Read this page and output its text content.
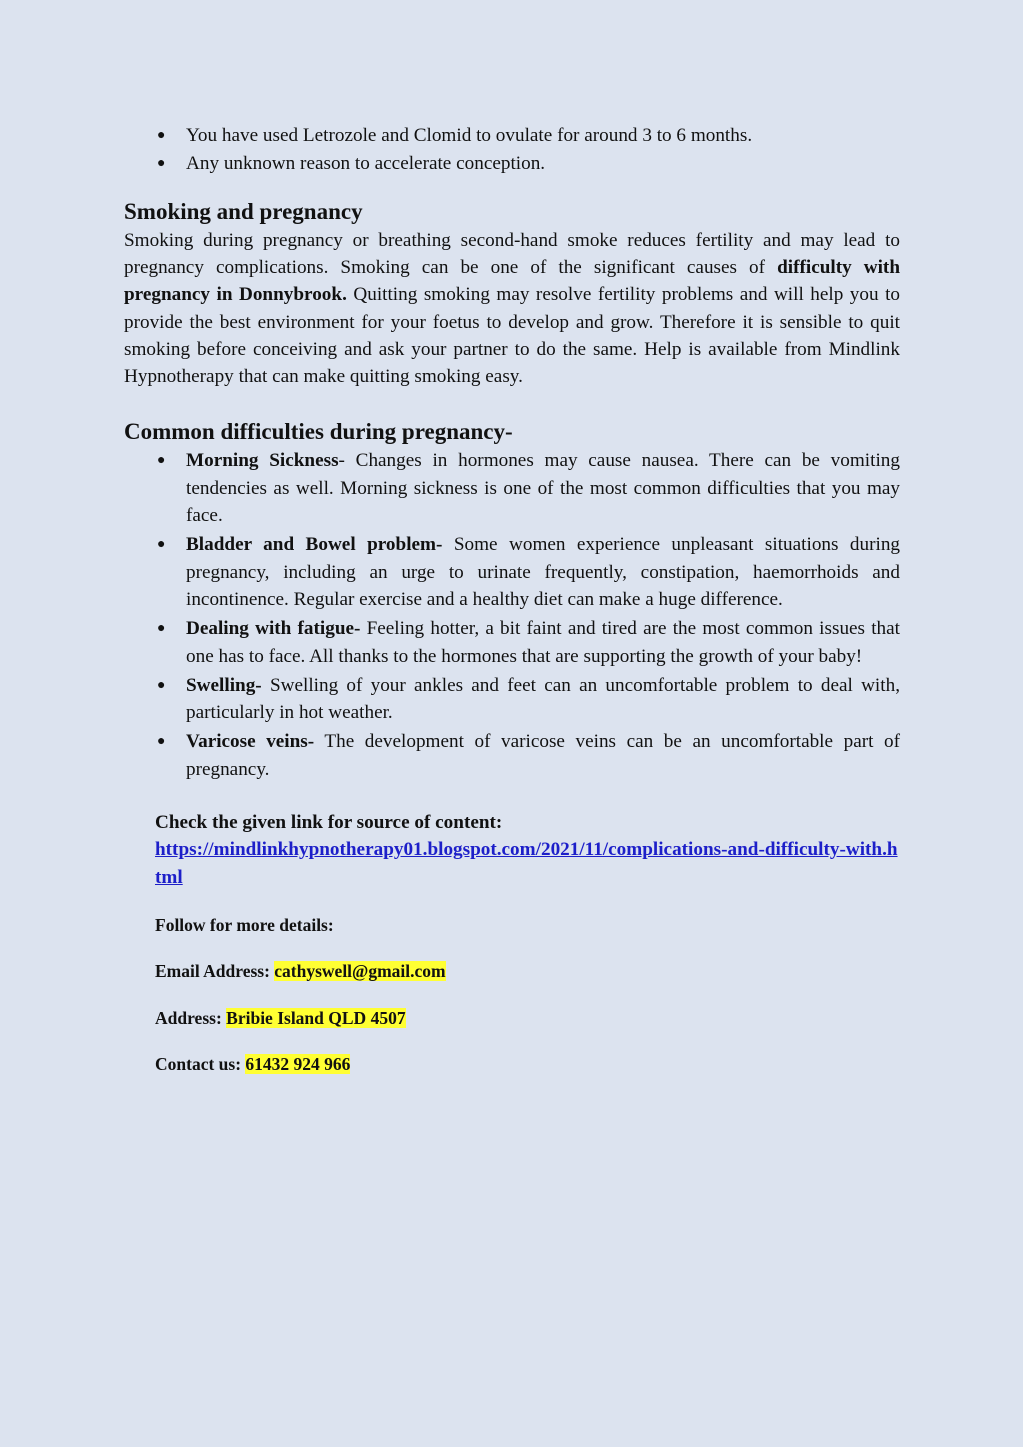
● You have used Letrozole and Clomid to ovulate for around 3 to 6 months.
● Any unknown reason to accelerate conception.
Smoking and pregnancy

Smoking during pregnancy or breathing second-hand smoke reduces fertility and may lead to pregnancy complications. Smoking can be one of the significant causes of difficulty with pregnancy in Donnybrook. Quitting smoking may resolve fertility problems and will help you to provide the best environment for your foetus to develop and grow. Therefore it is sensible to quit smoking before conceiving and ask your partner to do the same. Help is available from Mindlink Hypnotherapy that can make quitting smoking easy.

Common difficulties during pregnancy-
● Morning Sickness- Changes in hormones may cause nausea. There can be vomiting tendencies as well. Morning sickness is one of the most common difficulties that you may face.
● Bladder and Bowel problem- Some women experience unpleasant situations during pregnancy, including an urge to urinate frequently, constipation, haemorrhoids and incontinence. Regular exercise and a healthy diet can make a huge difference.
● Dealing with fatigue- Feeling hotter, a bit faint and tired are the most common issues that one has to face. All thanks to the hormones that are supporting the growth of your baby!
● Swelling- Swelling of your ankles and feet can an uncomfortable problem to deal with, particularly in hot weather.
● Varicose veins- The development of varicose veins can be an uncomfortable part of pregnancy.
Check the given link for source of content:
https://mindlinkhypnotherapy01.blogspot.com/2021/11/complications-and-difficulty-with.html
Follow for more details:
Email Address: cathyswell@gmail.com
Address: Bribie Island QLD 4507
Contact us: 61432 924 966
